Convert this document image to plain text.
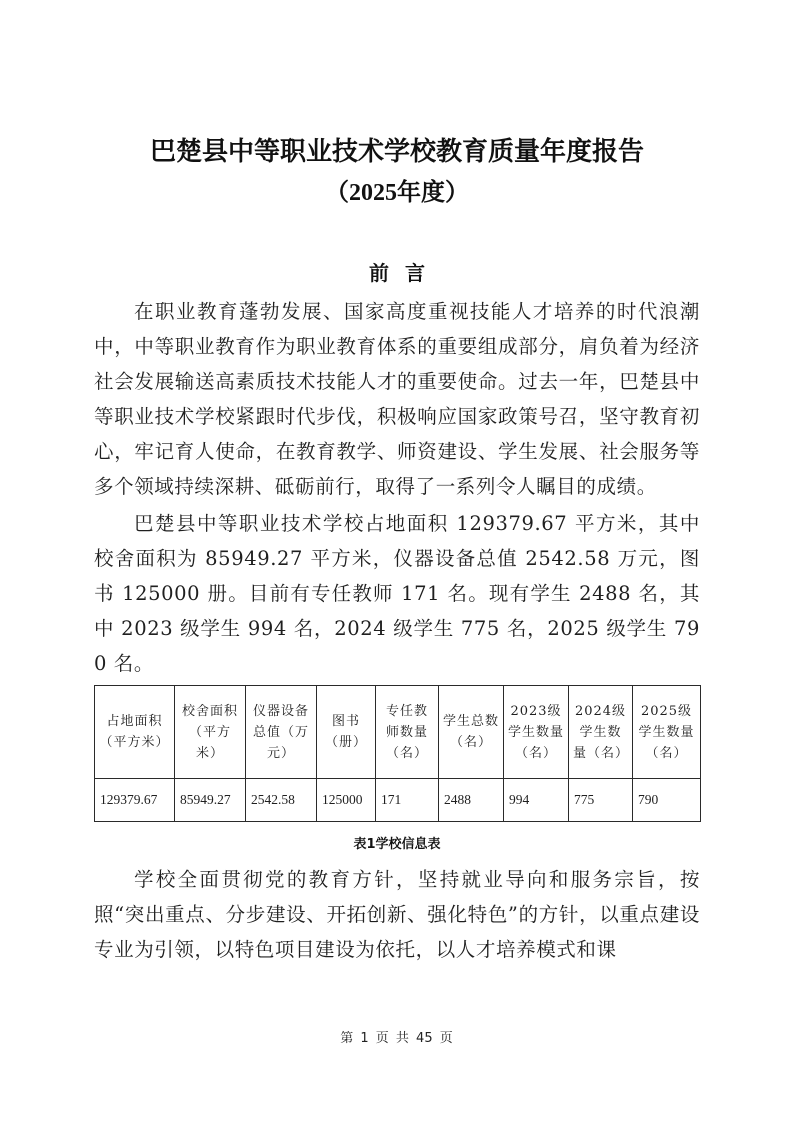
巴楚县中等职业技术学校教育质量年度报告
（2025年度）
前言

在职业教育蓬勃发展、国家高度重视技能人才培养的时代浪潮中，中等职业教育作为职业教育体系的重要组成部分，肩负着为经济社会发展输送高素质技术技能人才的重要使命。过去一年，巴楚县中等职业技术学校紧跟时代步伐，积极响应国家政策号召，坚守教育初心，牢记育人使命，在教育教学、师资建设、学生发展、社会服务等多个领域持续深耕、砥砺前行，取得了一系列令人瞩目的成绩。

巴楚县中等职业技术学校占地面积 129379.67 平方米，其中校舍面积为 85949.27 平方米，仪器设备总值 2542.58 万元，图书 125000 册。目前有专任教师 171 名。现有学生 2488 名，其中 2023 级学生 994 名，2024 级学生 775 名，2025 级学生 790 名。

占地面积（平方米）	校舍面积（平方米）	仪器设备总值（万元）	图书（册）	专任教师数量（名）	学生总数（名）	2023级学生数量（名）	2024级学生数量（名）	2025级学生数量（名）
129379.67	85949.27	2542.58	125000	171	2488	994	775	790
表1学校信息表

学校全面贯彻党的教育方针，坚持就业导向和服务宗旨，按照“突出重点、分步建设、开拓创新、强化特色”的方针，以重点建设专业为引领，以特色项目建设为依托，以人才培养模式和课

第 1 页 共 45 页
